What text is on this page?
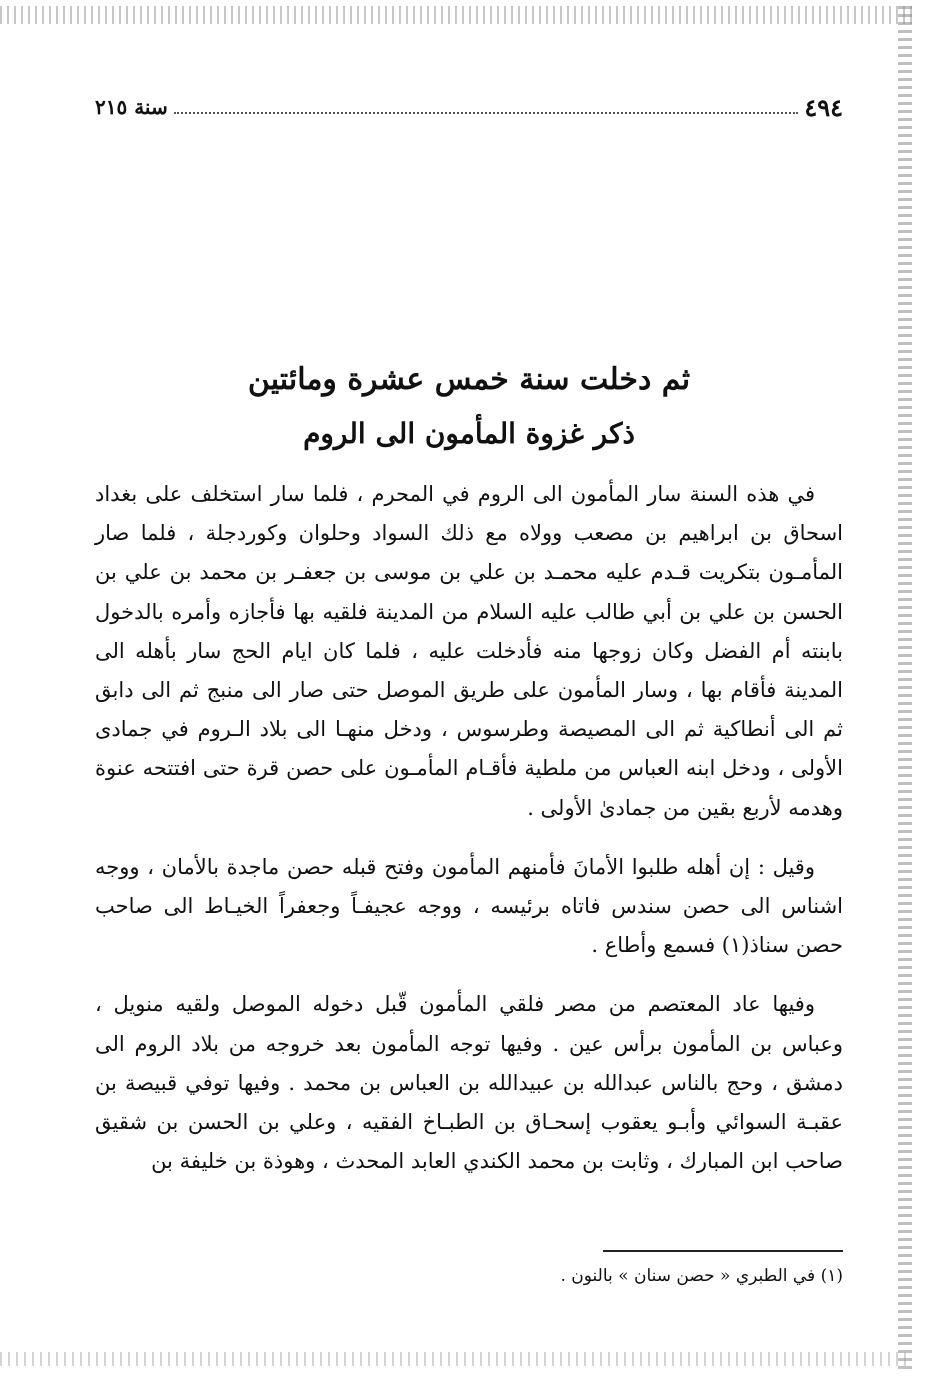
٤٩٤
سنة ٢١٥
ثم دخلت سنة خمس عشرة ومائتين
ذكر غزوة المأمون الى الروم

في هذه السنة سار المأمون الى الروم في المحرم ، فلما سار استخلف على بغداد اسحاق بن ابراهيم بن مصعب وولاه مع ذلك السواد وحلوان وكوردجلة ، فلما صار المأمـون بتكريت قـدم عليه محمـد بن علي بن موسى بن جعفـر بن محمد بن علي بن الحسن بن علي بن أبي طالب عليه السلام من المدينة فلقيه بها فأجازه وأمره بالدخول بابنته أم الفضل وكان زوجها منه فأدخلت عليه ، فلما كان ايام الحج سار بأهله الى المدينة فأقام بها ، وسار المأمون على طريق الموصل حتى صار الى منبج ثم الى دابق ثم الى أنطاكية ثم الى المصيصة وطرسوس ، ودخل منهـا الى بلاد الـروم في جمادى الأولى ، ودخل ابنه العباس من ملطية فأقـام المأمـون على حصن قرة حتى افتتحه عنوة وهدمه لأربع بقين من جمادىٰ الأولى .

وقيل : إن أهله طلبوا الأمانَ فأمنهم المأمون وفتح قبله حصن ماجدة بالأمان ، ووجه اشناس الى حصن سندس فاتاه برئيسه ، ووجه عجيفـاً وجعفراً الخيـاط الى صاحب حصن سناذ(١) فسمع وأطاع .

وفيها عاد المعتصم من مصر فلقي المأمون قّبل دخوله الموصل ولقيه منويل ، وعباس بن المأمون برأس عين . وفيها توجه المأمون بعد خروجه من بلاد الروم الى دمشق ، وحج بالناس عبدالله بن عبيدالله بن العباس بن محمد . وفيها توفي قبيصة بن عقبـة السوائي وأبـو يعقوب إسحـاق بن الطبـاخ الفقيه ، وعلي بن الحسن بن شقيق صاحب ابن المبارك ، وثابت بن محمد الكندي العابد المحدث ، وهوذة بن خليفة بن

(١) في الطبري « حصن سنان » بالنون .
